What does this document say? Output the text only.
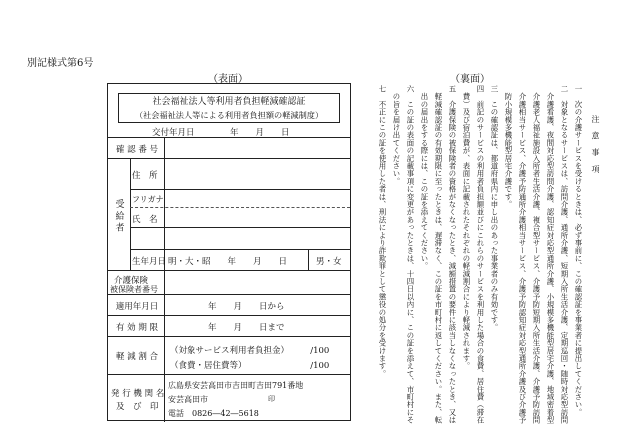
別記様式第6号
（表面）	（裏面）
社会福祉法人等利用者負担軽減確認証
（社会福祉法人等による利用者負担額の軽減制度）
交付年月日	年　　月　　日
確 認 番 号
受 給 者
住　所
フリガナ
氏　名
生年月日 明・大・昭　　年　　月　　日	男・女
介護保険
被保険者番号
適用年月日	年　　月　　日から
有 効 期 限	年　　月　　日まで
軽 減 割 合
（対象サービス利用者負担金）　　　/100
（食費・居住費等）　　　　　　　　/100
発 行 機 関 名
及　び　印
広島県安芸高田市吉田町吉田791番地
安芸高田市	印
電話　0826―42―5618
注　意　事　項
一　次の介護サービスを受けるときは、必ず事前に、この確認証を事業者に提出してください。
二　対象となるサービスは、訪問介護、通所介護、短期入所生活介護、定期巡回・随時対応型訪問
　介護看護、夜間対応型訪問介護、認知症対応型通所介護、小規模多機能型居宅介護、地域密着型
　介護老人福祉施設入所者生活介護、複合型サービス、介護予防短期入所生活介護、介護予防訪問
　介護相当サービス、介護予防通所介護相当サービス、介護予防認知症対応型通所介護及び介護予
　防小規模多機能型居宅介護です。
三　この確認証は、都道府県内に申し出のあった事業者のみ有効です。
四　前記のサービスの利用者負担額並びにこれらのサービスを利用した場合の食費、居住費（滞在
　費）及び宿泊費が、表面に記載されたそれぞれの軽減割合により軽減されます。
五　介護保険の被保険者の資格がなくなったとき、減額措置の要件に該当しなくなったとき、又は
　軽減確認証の有効期限に至ったときは、遅滞なく、この証を市町村に返してください。また、転
　出の届出をする際には、この証を添えてください。
六　この証の表面の記載事項に変更があったときは、十四日以内に、この証を添えて、市町村にそ
　の旨を届け出てください。
七　不正にこの証を使用した者は、刑法により詐欺罪として懲役の処分を受けます。
